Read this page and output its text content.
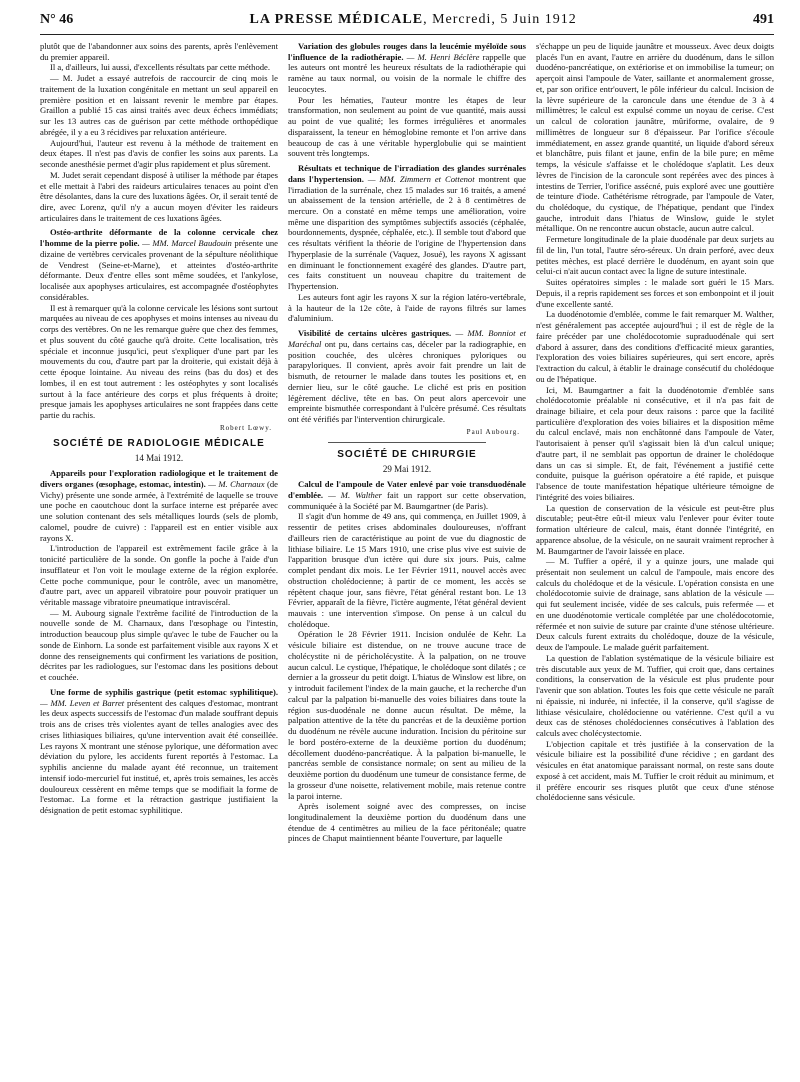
N° 46	LA PRESSE MÉDICALE, Mercredi, 5 Juin 1912	491

plutôt que de l'abandonner aux soins des parents, après l'enlèvement du premier appareil.

Il a, d'ailleurs, lui aussi, d'excellents résultats par cette méthode.

— M. Judet a essayé autrefois de raccourcir de cinq mois le traitement de la luxation congénitale en mettant un seul appareil en première position et en laissant revenir le membre par étapes. Graillon a publié 15 cas ainsi traités avec deux échecs immédiats; sur les 13 autres cas de guérison par cette méthode orthopédique abrégée, il y a eu 3 récidives par reluxation antérieure.

Aujourd'hui, l'auteur est revenu à la méthode de traitement en deux étapes. Il n'est pas d'avis de confier les soins aux parents. La seconde anesthésie permet d'agir plus rapidement et plus sûrement.

M. Judet serait cependant disposé à utiliser la méthode par étapes et elle mettait à l'abri des raideurs articulaires tenaces au point d'en être désolantes, dans la cure des luxations âgées. Or, il serait tenté de dire, avec Lorenz, qu'il n'y a aucun moyen d'éviter les raideurs articulaires dans le traitement de ces luxations âgées.

Ostéo-arthrite déformante de la colonne cervicale chez l'homme de la pierre polie. — MM. Marcel Baudouin présente une dizaine de vertèbres cervicales provenant de la sépulture néolithique de Vendrest (Seine-et-Marne), et atteintes d'ostéo-arthrite déformante. Deux d'entre elles sont même soudées, et l'ankylose, localisée aux apophyses articulaires, est accompagnée d'ostéophytes considérables.

Il est à remarquer qu'à la colonne cervicale les lésions sont surtout marquées au niveau de ces apophyses et moins intenses au niveau du corps des vertèbres. On ne les remarque guère que chez des femmes, et plus souvent du côté gauche qu'à droite. Cette localisation, très spéciale et inconnue jusqu'ici, peut s'expliquer d'une part par les mouvements du cou, d'autre part par la droiterie, qui existait déjà à cette époque lointaine. Au niveau des reins (bas du dos) et des lombes, il en est tout autrement : les ostéophytes y sont localisés surtout à la face antérieure des corps et plus fréquents à droite; presque jamais les apophyses articulaires ne sont frappées dans cette partie du rachis.

Robert Lœwy.
SOCIÉTÉ DE RADIOLOGIE MÉDICALE
14 Mai 1912.

Appareils pour l'exploration radiologique et le traitement de divers organes (œsophage, estomac, intestin). — M. Charnaux (de Vichy) présente une sonde armée, à l'extrémité de laquelle se trouve une poche en caoutchouc dont la surface interne est préparée avec une solution contenant des sels métalliques lourds (sels de plomb, calomel, poudre de cuivre) : l'appareil est en entier visible aux rayons X.

L'introduction de l'appareil est extrêmement facile grâce à la tonicité particulière de la sonde. On gonfle la poche à l'aide d'un insufflateur et l'on voit le moulage externe de la région explorée. Cette poche communique, pour le contrôle, avec un manomètre, d'autre part, avec un appareil vibratoire pour pouvoir pratiquer un véritable massage vibratoire pneumatique intraviscéral.

— M. Aubourg signale l'extrême facilité de l'introduction de la nouvelle sonde de M. Charnaux, dans l'œsophage ou l'intestin, introduction beaucoup plus simple qu'avec le tube de Faucher ou la sonde de Einhorn. La sonde est parfaitement visible aux rayons X et donne des renseignements qui confirment les variations de position, décrites par les radiologues, sur l'estomac dans les positions debout et couchée.

Une forme de syphilis gastrique (petit estomac syphilitique). — MM. Leven et Barret présentent des calques d'estomac, montrant les deux aspects successifs de l'estomac d'un malade souffrant depuis trois ans de crises très violentes ayant de telles analogies avec des crises lithiasiques biliaires, qu'une intervention avait été conseillée. Les rayons X montrant une sténose pylorique, une déformation avec déviation du pylore, les accidents furent reportés à l'estomac. La syphilis ancienne du malade ayant été reconnue, un traitement intensif iodo-mercuriel fut institué, et, après trois semaines, les accès douloureux cessèrent en même temps que se modifiait la forme de l'estomac. La forme et la rétraction gastrique justifiaient la désignation de petit estomac syphilitique.

Variation des globules rouges dans la leucémie myéloïde sous l'influence de la radiothérapie. — M. Henri Béclère rappelle que les auteurs ont montré les heureux résultats de la radiothérapie qui ramène au taux normal, ou voisin de la normale le chiffre des leucocytes.

Pour les hématies, l'auteur montre les étapes de leur transformation, non seulement au point de vue quantité, mais aussi au point de vue qualité; les formes irrégulières et anormales disparaissent, la teneur en hémoglobine remonte et l'on arrive dans beaucoup de cas à une véritable hyperglobulie qui se maintient souvent très longtemps.

Résultats et technique de l'irradiation des glandes surrénales dans l'hypertension. — MM. Zimmern et Cottenot montrent que l'irradiation de la surrénale, chez 15 malades sur 16 traités, a amené un abaissement de la tension artérielle, de 2 à 8 centimètres de mercure. On a constaté en même temps une amélioration, voire même une disparition des symptômes subjectifs associés (céphalée, bourdonnements, dyspnée, céphalée, etc.). Il semble tout d'abord que ces résultats vérifient la théorie de l'origine de l'hypertension dans l'hyperplasie de la surrénale (Vaquez, Josué), les rayons X agissant en diminuant le fonctionnement exagéré des glandes. D'autre part, ces faits constituent un nouveau chapitre du traitement de l'hypertension.

Les auteurs font agir les rayons X sur la région latéro-vertébrale, à la hauteur de la 12e côte, à l'aide de rayons filtrés sur lames d'aluminium.

Visibilité de certains ulcères gastriques. — MM. Bonniot et Maréchal ont pu, dans certains cas, déceler par la radiographie, en position couchée, des ulcères chroniques pyloriques ou parapyloriques. Il convient, après avoir fait prendre un lait de bismuth, de retourner le malade dans toutes les positions et, en dernier lieu, sur le côté gauche. Le cliché est pris en position légèrement déclive, tête en bas. On peut alors apercevoir une empreinte bismuthée correspondant à l'ulcère présumé. Ces résultats ont été vérifiés par l'intervention chirurgicale.

Paul Aubourg.
SOCIÉTÉ DE CHIRURGIE
29 Mai 1912.

Calcul de l'ampoule de Vater enlevé par voie transduodénale d'emblée. — M. Walther fait un rapport sur cette observation, communiquée à la Société par M. Baumgartner (de Paris).

Il s'agit d'un homme de 49 ans, qui commença, en Juillet 1909, à ressentir de petites crises abdominales douloureuses, n'offrant d'ailleurs rien de caractéristique au point de vue du diagnostic de lithiase biliaire. Le 15 Mars 1910, une crise plus vive est suivie de l'apparition brusque d'un ictère qui dure six jours. Puis, calme complet pendant dix mois. Le 1er Février 1911, nouvel accès avec obstruction cholédocienne; à partir de ce moment, les accès se répètent chaque jour, sans fièvre, l'état général restant bon. Le 13 Février, apparaît de la fièvre, l'ictère augmente, l'état général devient mauvais : une intervention s'impose. On pense à un calcul du cholédoque.

Opération le 28 Février 1911. Incision ondulée de Kehr. La vésicule biliaire est distendue, on ne trouve aucune trace de cholécystite ni de péricholécystite. À la palpation, on ne trouve aucun calcul. Le cystique, l'hépatique, le cholédoque sont dilatés ; ce dernier a la grosseur du petit doigt. L'hiatus de Winslow est libre, on y introduit facilement l'index de la main gauche, et la recherche d'un calcul par la palpation bi-manuelle des voies biliaires dans toute la région sus-duodénale ne donne aucun résultat. De même, la palpation attentive de la tête du pancréas et de la deuxième portion du duodénum ne révèle aucune induration. Incision du péritoine sur le bord postéro-externe de la deuxième portion du duodénum; décollement duodéno-pancréatique. À la palpation bi-manuelle, le pancréas semble de consistance normale; on sent au milieu de la deuxième portion du duodénum une tumeur de consistance ferme, de la grosseur d'une noisette, relativement mobile, mais retenue contre la paroi interne.

Après isolement soigné avec des compresses, on incise longitudinalement la deuxième portion du duodénum dans une étendue de 4 centimètres au milieu de la face péritonéale; quatre pinces de Chaput maintiennent béante l'ouverture, par laquelle

s'échappe un peu de liquide jaunâtre et mousseux. Avec deux doigts placés l'un en avant, l'autre en arrière du duodénum, dans le sillon duodéno-pancréatique, on extériorise et on immobilise la tumeur; on aperçoit ainsi l'ampoule de Vater, saillante et anormalement grosse, et, par son orifice entr'ouvert, le pôle inférieur du calcul. Incision de la lèvre supérieure de la caroncule dans une étendue de 3 à 4 millimètres; le calcul est expulsé comme un noyau de cerise. C'est un calcul de coloration jaunâtre, mûriforme, ovalaire, de 9 millimètres de longueur sur 8 d'épaisseur. Par l'orifice s'écoule immédiatement, en assez grande quantité, un liquide d'abord séreux et blanchâtre, puis filant et jaune, enfin de la bile pure; en même temps, la vésicule s'affaisse et le cholédoque s'aplatit. Les deux lèvres de l'incision de la caroncule sont repérées avec des pinces à intestins de Terrier, l'orifice assécné, puis exploré avec une gouttière de teinture d'iode. Cathétérisme rétrograde, par l'ampoule de Vater, du cholédoque, du cystique, de l'hépatique, pendant que l'index gauche, introduit dans l'hiatus de Winslow, guide le stylet métallique. On ne rencontre aucun obstacle, aucun autre calcul.

Fermeture longitudinale de la plaie duodénale par deux surjets au fil de lin, l'un total, l'autre séro-séreux. Un drain perforé, avec deux petites mèches, est placé derrière le duodénum, en ayant soin que celui-ci n'ait aucun contact avec la ligne de suture intestinale.

Suites opératoires simples : le malade sort guéri le 15 Mars. Depuis, il a repris rapidement ses forces et son embonpoint et il jouit d'une excellente santé.

La duodénotomie d'emblée, comme le fait remarquer M. Walther, n'est généralement pas acceptée aujourd'hui ; il est de règle de la faire précéder par une cholédocotomie supraduodénale qui sert d'abord à assurer, dans des conditions d'efficacité mieux garanties, l'exploration des voies biliaires supérieures, qui sert encore, après l'extraction du calcul, à établir le drainage consécutif du cholédoque ou de l'hépatique.

Ici, M. Baumgartner a fait la duodénotomie d'emblée sans cholédocotomie préalable ni consécutive, et il n'a pas fait de drainage biliaire, et cela pour deux raisons : parce que la facilité particulière d'exploration des voies biliaires et la disposition même du calcul enclavé, mais non enchâtonné dans l'ampoule de Vater, l'autorisaient à penser qu'il s'agissait bien là d'un calcul unique; d'autre part, il ne semblait pas opportun de drainer le cholédoque dans un cas si simple. Et, de fait, l'événement a justifié cette conduite, puisque la guérison opératoire a été rapide, et puisque l'absence de toute manifestation hépatique ultérieure témoigne de l'intégrité des voies biliaires.

La question de conservation de la vésicule est peut-être plus discutable; peut-être eût-il mieux valu l'enlever pour éviter toute formation ultérieure de calcul, mais, étant donnée l'intégrité, en apparence absolue, de la vésicule, on ne saurait vraiment reprocher à M. Baumgartner de l'avoir laissée en place.

— M. Tuffier a opéré, il y a quinze jours, une malade qui présentait non seulement un calcul de l'ampoule, mais encore des calculs du cholédoque et de la vésicule. L'opération consista en une cholédocotomie suivie de drainage, sans ablation de la vésicule — qui fut seulement incisée, vidée de ses calculs, puis refermée — et en une duodénotomie verticale complétée par une cholédocotomie, réfermée et non suivie de suture par crainte d'une sténose ultérieure. Deux calculs furent extraits du cholédoque, douze de la vésicule, deux de l'ampoule. Le malade guérit parfaitement.

La question de l'ablation systématique de la vésicule biliaire est très discutable aux yeux de M. Tuffier, qui croit que, dans certaines conditions, la conservation de la vésicule est plus prudente pour l'avenir que son ablation. Toutes les fois que cette vésicule ne paraît ni épaissie, ni indurée, ni infectée, il la conserve, qu'il s'agisse de lithiase vésiculaire, cholédocienne ou vatérienne. C'est qu'il a vu deux cas de sténoses cholédociennes consécutives à l'ablation des calculs avec cholécystectomie.

L'objection capitale et très justifiée à la conservation de la vésicule biliaire est la possibilité d'une récidive ; en gardant des vésicules en état anatomique paraissant normal, on reste sans doute exposé à cet accident, mais M. Tuffier le croit réduit au minimum, et il préfère encourir ses risques plutôt que ceux d'une sténose cholédocienne sans vésicule.
